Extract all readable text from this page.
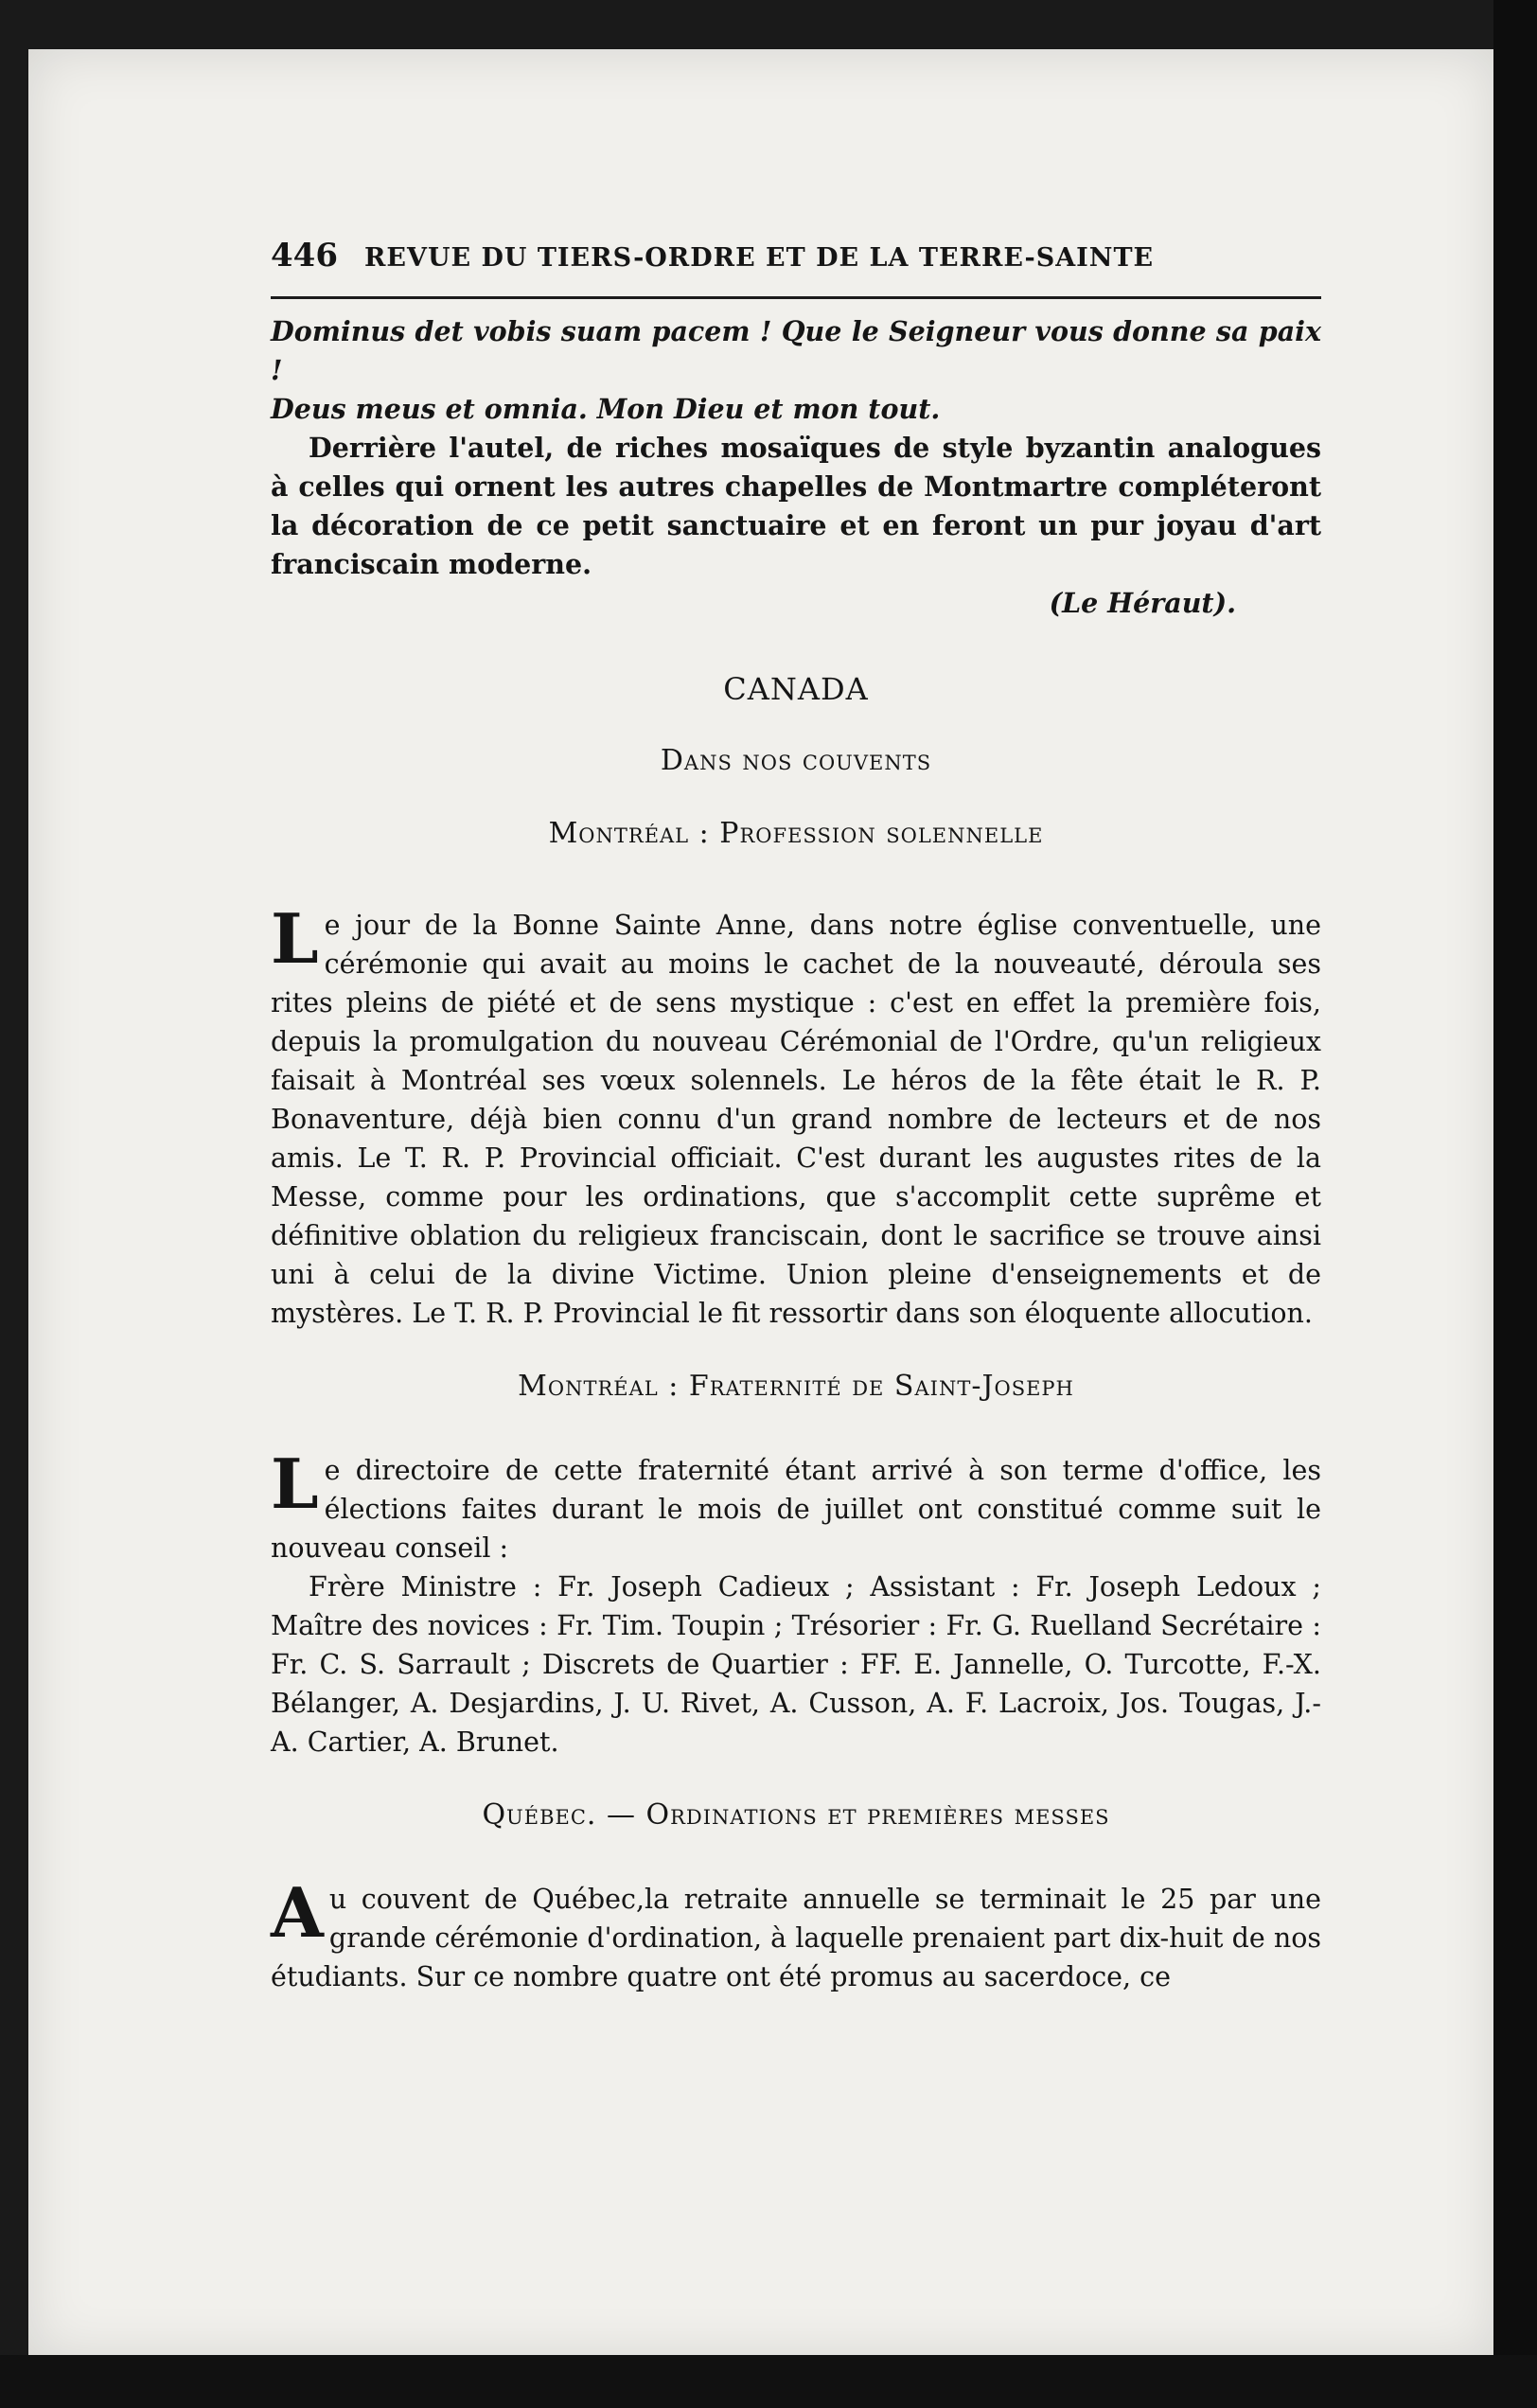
446 REVUE DU TIERS-ORDRE ET DE LA TERRE-SAINTE

Dominus det vobis suam pacem ! Que le Seigneur vous donne sa paix !

Deus meus et omnia. Mon Dieu et mon tout.

Derrière l'autel, de riches mosaïques de style byzantin analogues à celles qui ornent les autres chapelles de Montmartre compléteront la décoration de ce petit sanctuaire et en feront un pur joyau d'art franciscain moderne.

(Le Héraut).

CANADA
Dans nos couvents
Montréal : Profession solennelle

Le jour de la Bonne Sainte Anne, dans notre église conventuelle, une cérémonie qui avait au moins le cachet de la nouveauté, déroula ses rites pleins de piété et de sens mystique : c'est en effet la première fois, depuis la promulgation du nouveau Cérémonial de l'Ordre, qu'un religieux faisait à Montréal ses vœux solennels. Le héros de la fête était le R. P. Bonaventure, déjà bien connu d'un grand nombre de lecteurs et de nos amis. Le T. R. P. Provincial officiait. C'est durant les augustes rites de la Messe, comme pour les ordinations, que s'accomplit cette suprême et définitive oblation du religieux franciscain, dont le sacrifice se trouve ainsi uni à celui de la divine Victime. Union pleine d'enseignements et de mystères. Le T. R. P. Provincial le fit ressortir dans son éloquente allocution.

Montréal : Fraternité de Saint-Joseph

Le directoire de cette fraternité étant arrivé à son terme d'office, les élections faites durant le mois de juillet ont constitué comme suit le nouveau conseil :

Frère Ministre : Fr. Joseph Cadieux ; Assistant : Fr. Joseph Ledoux ; Maître des novices : Fr. Tim. Toupin ; Trésorier : Fr. G. Ruelland Secrétaire : Fr. C. S. Sarrault ; Discrets de Quartier : FF. E. Jannelle, O. Turcotte, F.-X. Bélanger, A. Desjardins, J. U. Rivet, A. Cusson, A. F. Lacroix, Jos. Tougas, J.-A. Cartier, A. Brunet.

Québec. — Ordinations et premières messes

Au couvent de Québec,la retraite annuelle se terminait le 25 par une grande cérémonie d'ordination, à laquelle prenaient part dix-huit de nos étudiants. Sur ce nombre quatre ont été promus au sacerdoce, ce
